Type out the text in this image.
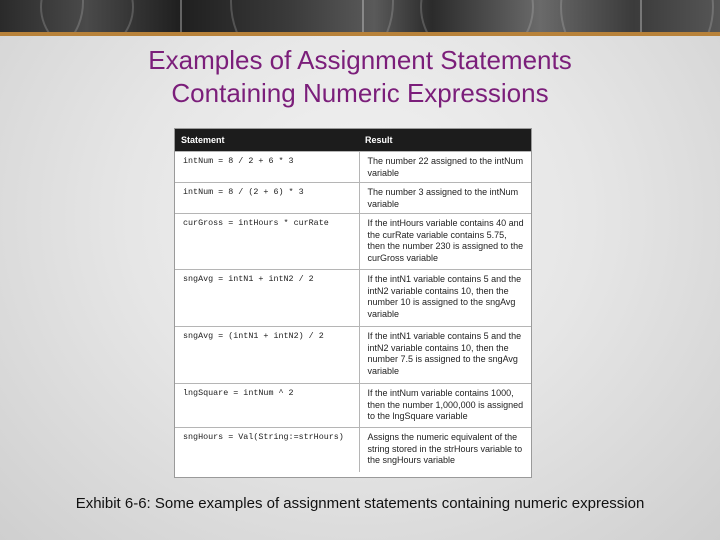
Examples of Assignment Statements
Containing Numeric Expressions
Statement	Result
intNum = 8 / 2 + 6 * 3	The number 22 assigned to the intNum variable
intNum = 8 / (2 + 6) * 3	The number 3 assigned to the intNum variable
curGross = intHours * curRate	If the intHours variable contains 40 and the curRate variable contains 5.75, then the number 230 is assigned to the curGross variable
sngAvg = intN1 + intN2 / 2	If the intN1 variable contains 5 and the intN2 variable contains 10, then the number 10 is assigned to the sngAvg variable
sngAvg = (intN1 + intN2) / 2	If the intN1 variable contains 5 and the intN2 variable contains 10, then the number 7.5 is assigned to the sngAvg variable
lngSquare = intNum ^ 2	If the intNum variable contains 1000, then the number 1,000,000 is assigned to the lngSquare variable
sngHours = Val(String:=strHours)	Assigns the numeric equivalent of the string stored in the strHours variable to the sngHours variable
Exhibit 6-6: Some examples of assignment statements containing numeric expression
